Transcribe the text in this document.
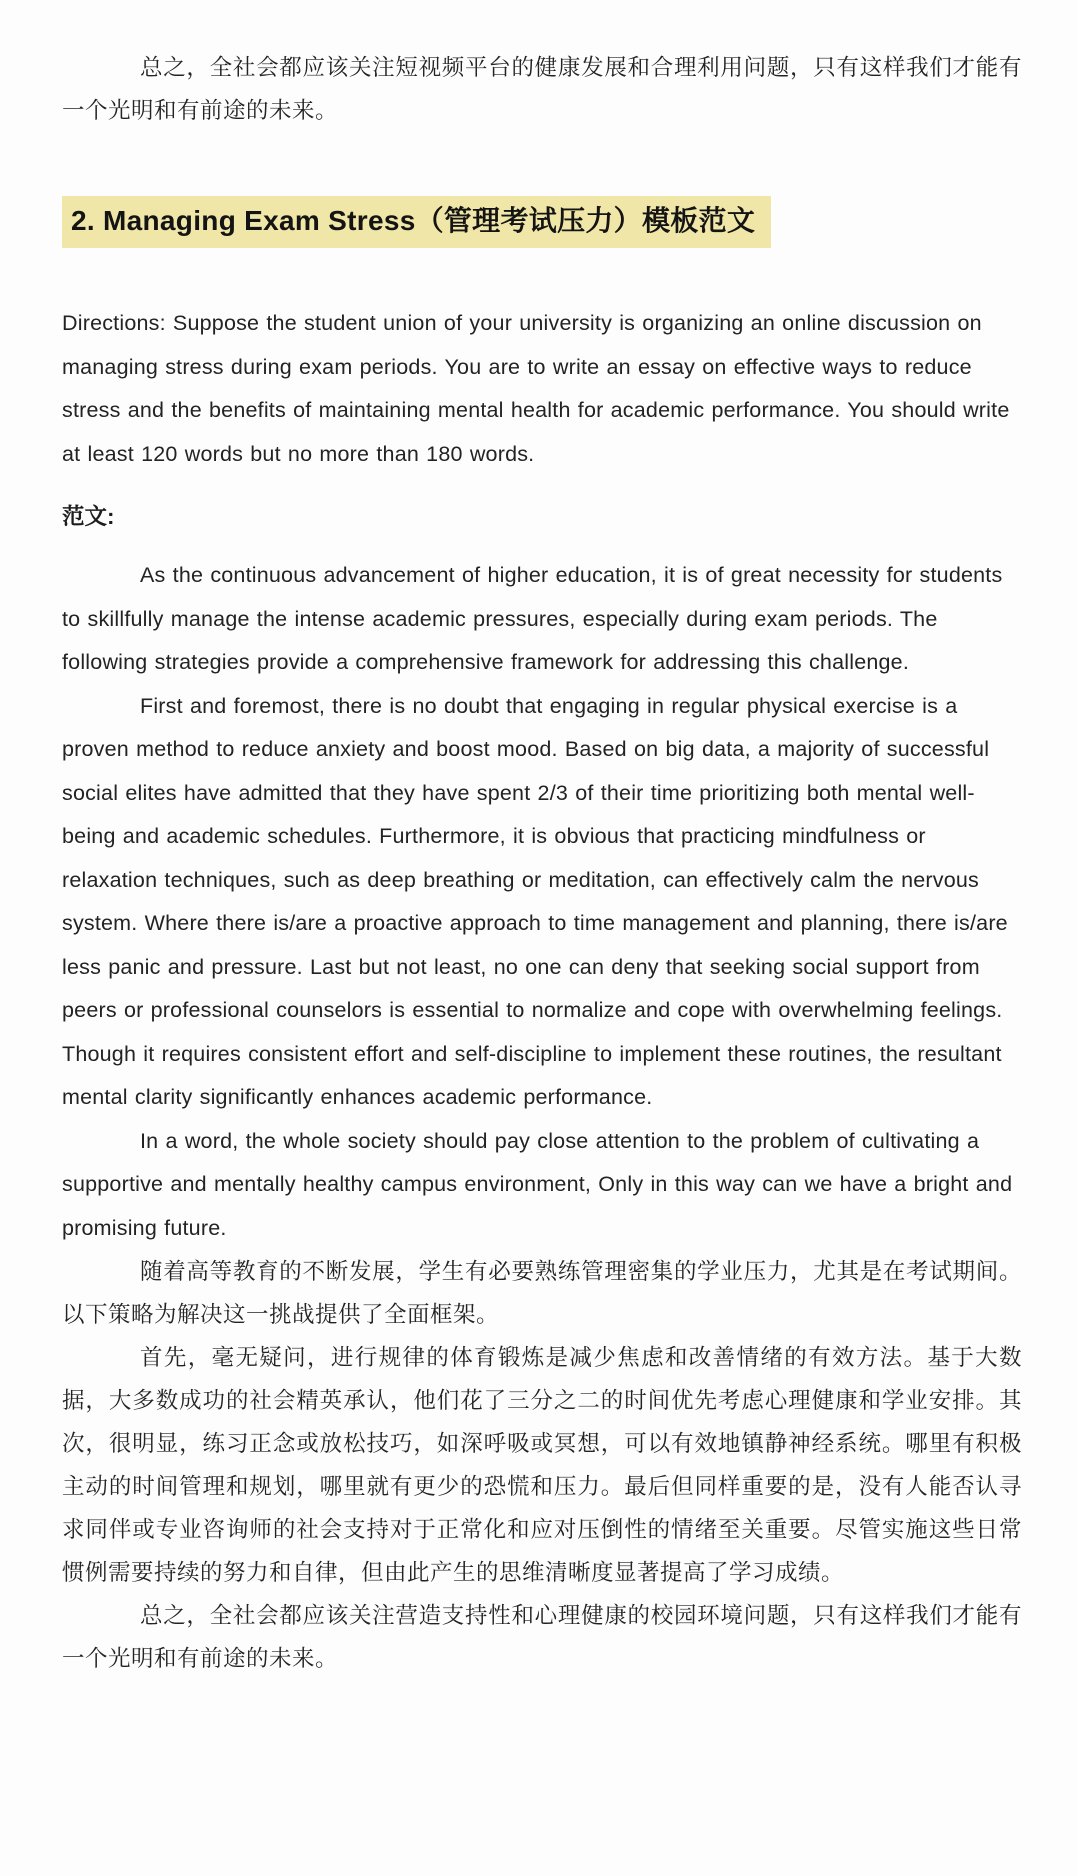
总之，全社会都应该关注短视频平台的健康发展和合理利用问题，只有这样我们才能有一个光明和有前途的未来。

2. Managing Exam Stress（管理考试压力）模板范文

Directions: Suppose the student union of your university is organizing an online discussion on managing stress during exam periods. You are to write an essay on effective ways to reduce stress and the benefits of maintaining mental health for academic performance. You should write at least 120 words but no more than 180 words.

范文:

As the continuous advancement of higher education, it is of great necessity for students to skillfully manage the intense academic pressures, especially during exam periods. The following strategies provide a comprehensive framework for addressing this challenge.

First and foremost, there is no doubt that engaging in regular physical exercise is a proven method to reduce anxiety and boost mood. Based on big data, a majority of successful social elites have admitted that they have spent 2/3 of their time prioritizing both mental well-being and academic schedules. Furthermore, it is obvious that practicing mindfulness or relaxation techniques, such as deep breathing or meditation, can effectively calm the nervous system. Where there is/are a proactive approach to time management and planning, there is/are less panic and pressure. Last but not least, no one can deny that seeking social support from peers or professional counselors is essential to normalize and cope with overwhelming feelings. Though it requires consistent effort and self-discipline to implement these routines, the resultant mental clarity significantly enhances academic performance.

In a word, the whole society should pay close attention to the problem of cultivating a supportive and mentally healthy campus environment, Only in this way can we have a bright and promising future.

随着高等教育的不断发展，学生有必要熟练管理密集的学业压力，尤其是在考试期间。以下策略为解决这一挑战提供了全面框架。

首先，毫无疑问，进行规律的体育锻炼是减少焦虑和改善情绪的有效方法。基于大数据，大多数成功的社会精英承认，他们花了三分之二的时间优先考虑心理健康和学业安排。其次，很明显，练习正念或放松技巧，如深呼吸或冥想，可以有效地镇静神经系统。哪里有积极主动的时间管理和规划，哪里就有更少的恐慌和压力。最后但同样重要的是，没有人能否认寻求同伴或专业咨询师的社会支持对于正常化和应对压倒性的情绪至关重要。尽管实施这些日常惯例需要持续的努力和自律，但由此产生的思维清晰度显著提高了学习成绩。

总之，全社会都应该关注营造支持性和心理健康的校园环境问题，只有这样我们才能有一个光明和有前途的未来。
